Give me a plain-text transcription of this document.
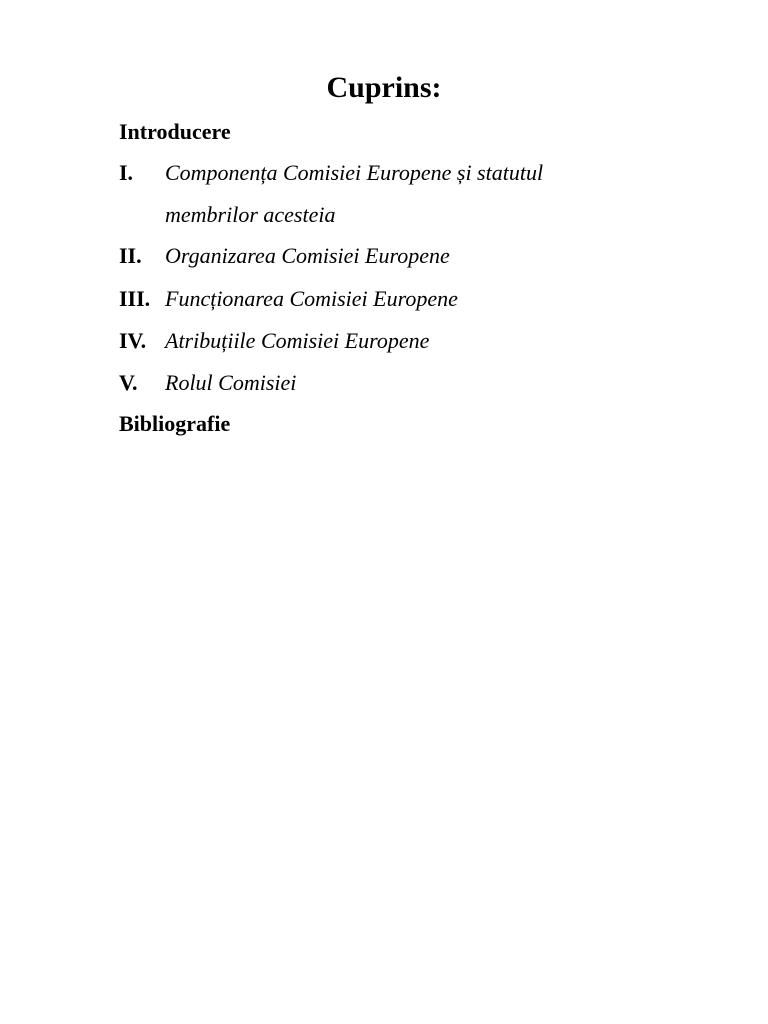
Cuprins:
Introducere
I. Componența Comisiei Europene și statutul
membrilor acesteia
II. Organizarea Comisiei Europene
III. Funcționarea Comisiei Europene
IV. Atribuțiile Comisiei Europene
V. Rolul Comisiei
Bibliografie
